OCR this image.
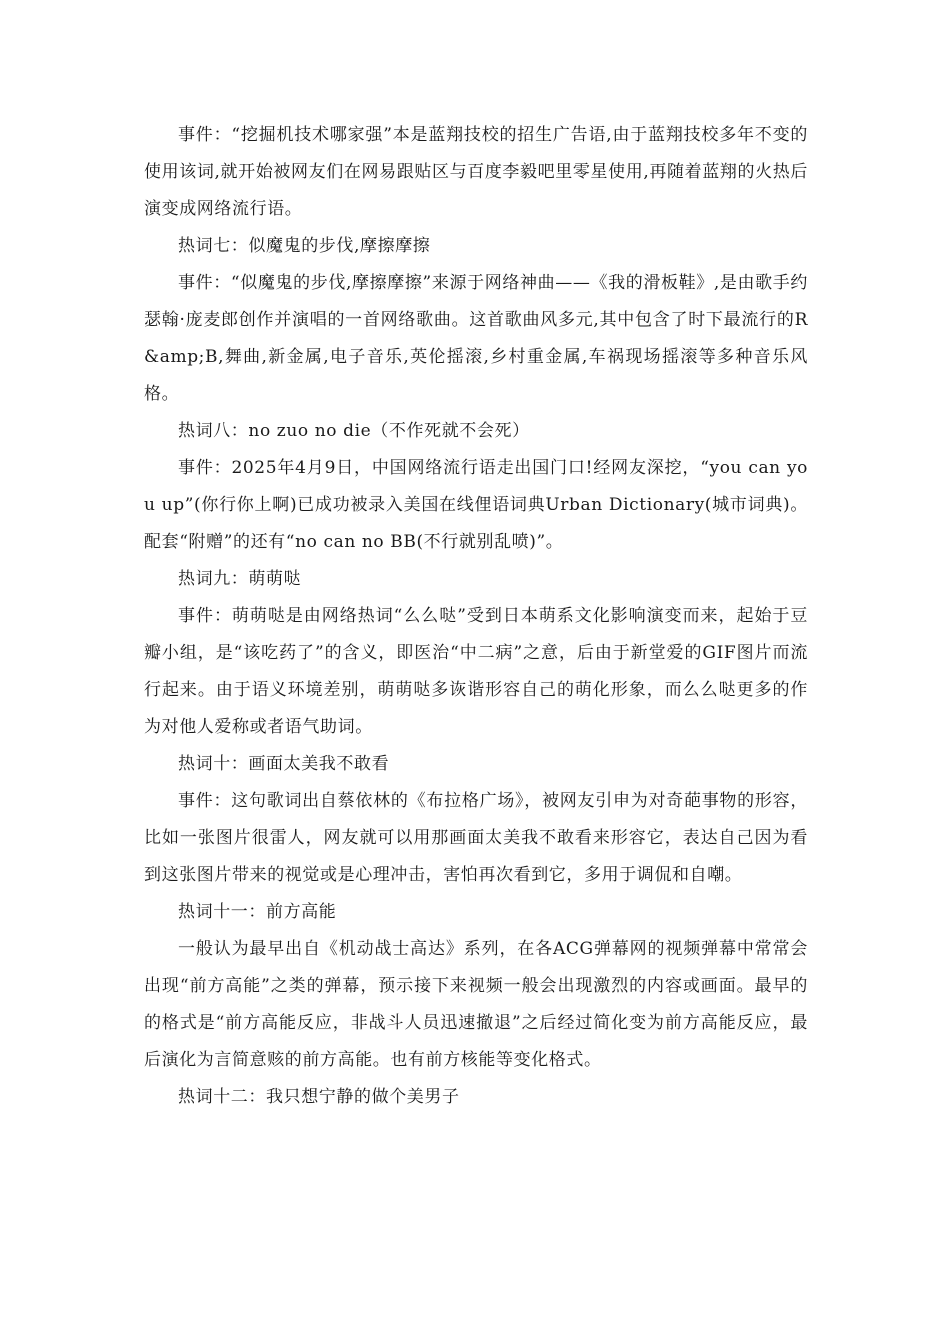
事件：“挖掘机技术哪家强”本是蓝翔技校的招生广告语,由于蓝翔技校多年不变的使用该词,就开始被网友们在网易跟贴区与百度李毅吧里零星使用,再随着蓝翔的火热后演变成网络流行语。

热词七：似魔鬼的步伐,摩擦摩擦

事件：“似魔鬼的步伐,摩擦摩擦”来源于网络神曲——《我的滑板鞋》,是由歌手约瑟翰·庞麦郎创作并演唱的一首网络歌曲。这首歌曲风多元,其中包含了时下最流行的R&amp;B,舞曲,新金属,电子音乐,英伦摇滚,乡村重金属,车祸现场摇滚等多种音乐风格。

热词八：no zuo no die（不作死就不会死）

事件：2025年4月9日，中国网络流行语走出国门口!经网友深挖，“you can you up”(你行你上啊)已成功被录入美国在线俚语词典Urban Dictionary(城市词典)。配套“附赠”的还有“no can no BB(不行就别乱喷)”。

热词九：萌萌哒

事件：萌萌哒是由网络热词“么么哒”受到日本萌系文化影响演变而来，起始于豆瓣小组，是“该吃药了”的含义，即医治“中二病”之意，后由于新堂爱的GIF图片而流行起来。由于语义环境差别，萌萌哒多诙谐形容自己的萌化形象，而么么哒更多的作为对他人爱称或者语气助词。

热词十：画面太美我不敢看

事件：这句歌词出自蔡依林的《布拉格广场》，被网友引申为对奇葩事物的形容，比如一张图片很雷人，网友就可以用那画面太美我不敢看来形容它，表达自己因为看到这张图片带来的视觉或是心理冲击，害怕再次看到它，多用于调侃和自嘲。

热词十一：前方高能

一般认为最早出自《机动战士高达》系列，在各ACG弹幕网的视频弹幕中常常会出现“前方高能”之类的弹幕，预示接下来视频一般会出现激烈的内容或画面。最早的的格式是“前方高能反应，非战斗人员迅速撤退”之后经过简化变为前方高能反应，最后演化为言简意赅的前方高能。也有前方核能等变化格式。

热词十二：我只想宁静的做个美男子
